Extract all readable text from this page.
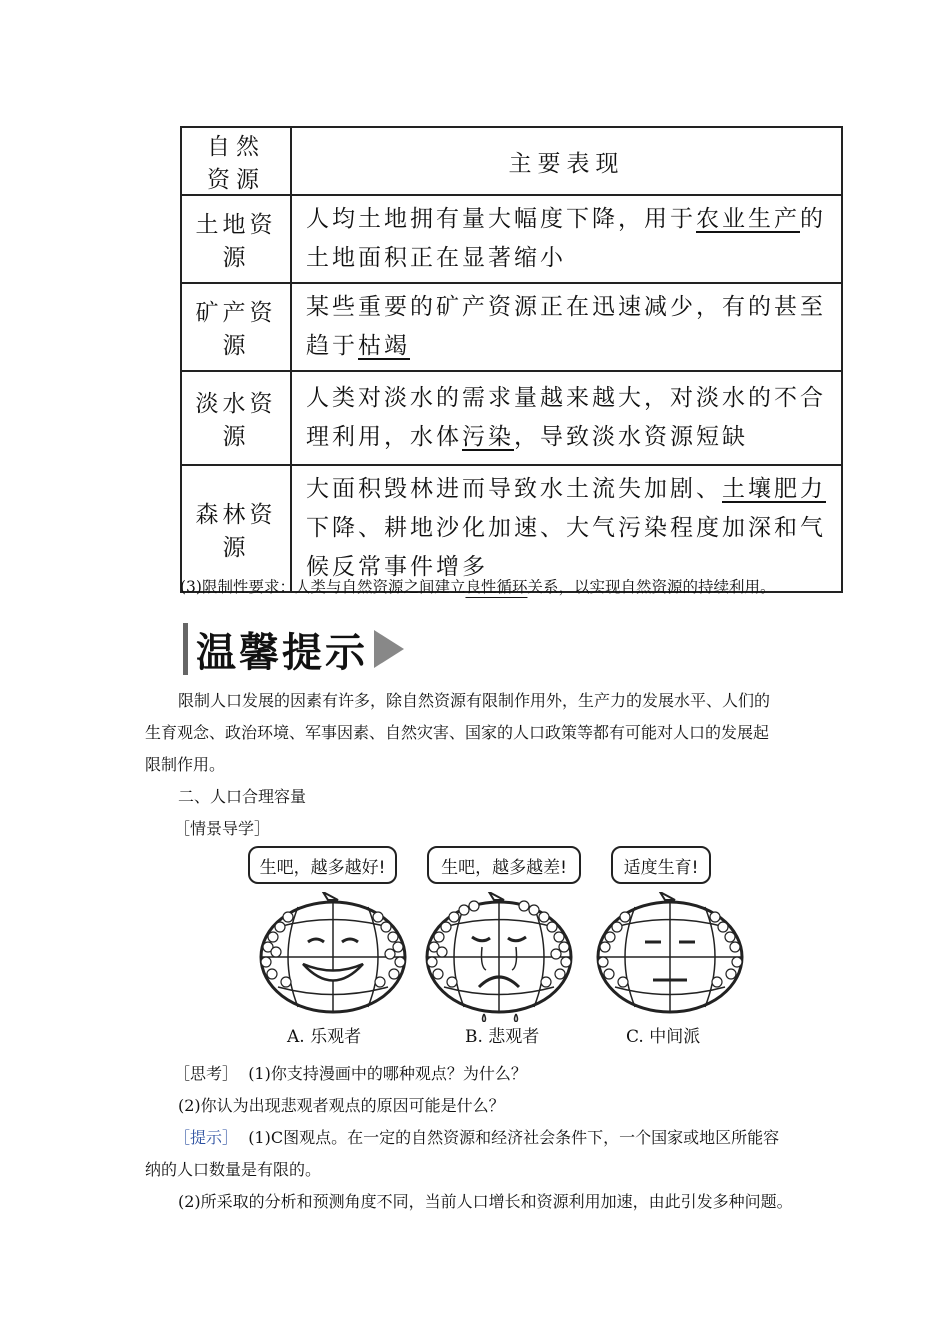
自然资源	主要表现
土地资源	人均土地拥有量大幅度下降，用于农业生产的土地面积正在显著缩小
矿产资源	某些重要的矿产资源正在迅速减少，有的甚至趋于枯竭
淡水资源	人类对淡水的需求量越来越大，对淡水的不合理利用，水体污染，导致淡水资源短缺
森林资源	大面积毁林进而导致水土流失加剧、土壤肥力下降、耕地沙化加速、大气污染程度加深和气候反常事件增多
(3)限制性要求：人类与自然资源之间建立良性循环关系，以实现自然资源的持续利用。
温馨提示
限制人口发展的因素有许多，除自然资源有限制作用外，生产力的发展水平、人们的
生育观念、政治环境、军事因素、自然灾害、国家的人口政策等都有可能对人口的发展起
限制作用。
二、人口合理容量
［情景导学］
生吧，越多越好!	生吧，越多越差!	适度生育!
A. 乐观者	B. 悲观者	C. 中间派
［思考］ (1)你支持漫画中的哪种观点？为什么？
(2)你认为出现悲观者观点的原因可能是什么？
［提示］ (1)C图观点。在一定的自然资源和经济社会条件下，一个国家或地区所能容
纳的人口数量是有限的。
(2)所采取的分析和预测角度不同，当前人口增长和资源利用加速，由此引发多种问题。
